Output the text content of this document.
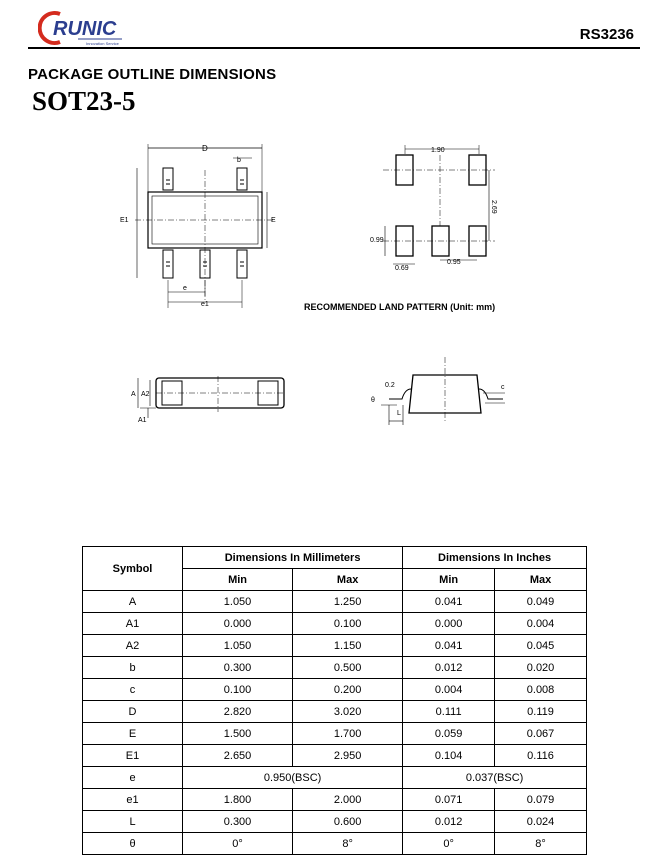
RUNIC
Innovation Service
RS3236
PACKAGE OUTLINE DIMENSIONS
SOT23-5
D
b
E1	E
e
e1
1.90
2.69
0.99
0.69
0.95
RECOMMENDED LAND PATTERN (Unit: mm)
A A2
A1
c
0.2
θ
L
Symbol	Dimensions In Millimeters		Dimensions In Inches	
	Min	Max	Min	Max
A	1.050	1.250	0.041	0.049
A1	0.000	0.100	0.000	0.004
A2	1.050	1.150	0.041	0.045
b	0.300	0.500	0.012	0.020
c	0.100	0.200	0.004	0.008
D	2.820	3.020	0.111	0.119
E	1.500	1.700	0.059	0.067
E1	2.650	2.950	0.104	0.116
e	0.950(BSC)		0.037(BSC)	
e1	1.800	2.000	0.071	0.079
L	0.300	0.600	0.012	0.024
θ	0°	8°	0°	8°
